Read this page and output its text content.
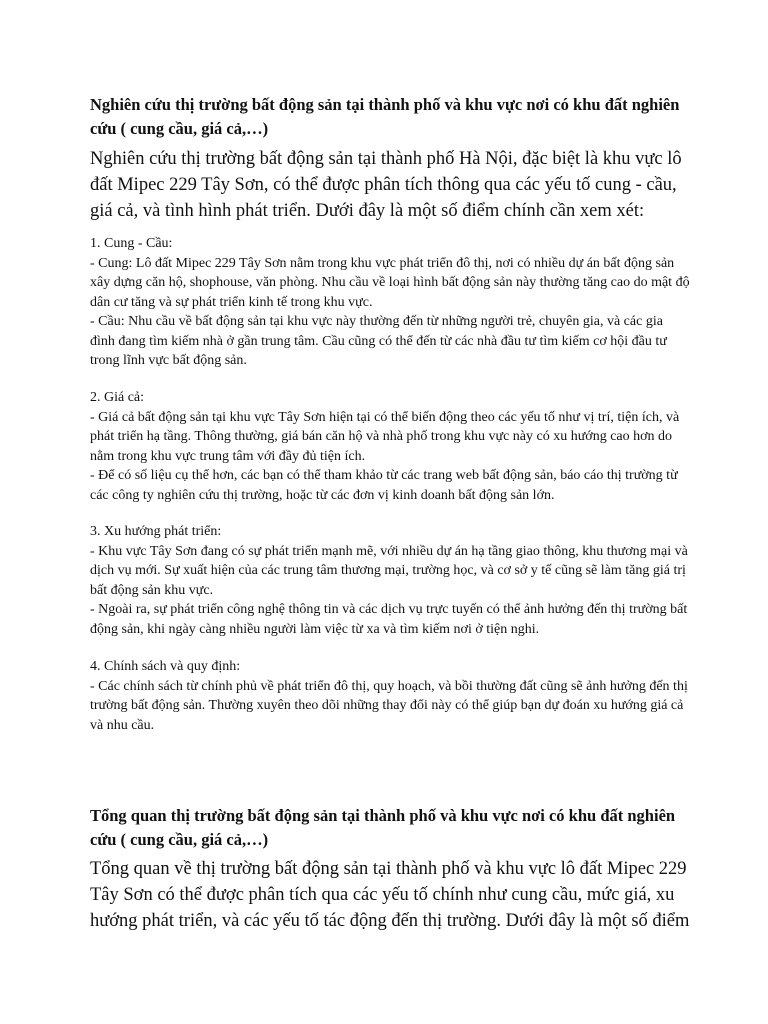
Nghiên cứu thị trường bất động sản tại thành phố và khu vực nơi có khu đất nghiên cứu ( cung cầu, giá cả,…)

Nghiên cứu thị trường bất động sản tại thành phố Hà Nội, đặc biệt là khu vực lô đất Mipec 229 Tây Sơn, có thể được phân tích thông qua các yếu tố cung - cầu, giá cả, và tình hình phát triển. Dưới đây là một số điểm chính cần xem xét:

1. Cung - Cầu:

- Cung: Lô đất Mipec 229 Tây Sơn nằm trong khu vực phát triển đô thị, nơi có nhiều dự án bất động sản xây dựng căn hộ, shophouse, văn phòng. Nhu cầu về loại hình bất động sản này thường tăng cao do mật độ dân cư tăng và sự phát triển kinh tế trong khu vực.

- Cầu: Nhu cầu về bất động sản tại khu vực này thường đến từ những người trẻ, chuyên gia, và các gia đình đang tìm kiếm nhà ở gần trung tâm. Cầu cũng có thể đến từ các nhà đầu tư tìm kiếm cơ hội đầu tư trong lĩnh vực bất động sản.

2. Giá cả:

- Giá cả bất động sản tại khu vực Tây Sơn hiện tại có thể biến động theo các yếu tố như vị trí, tiện ích, và phát triển hạ tầng. Thông thường, giá bán căn hộ và nhà phố trong khu vực này có xu hướng cao hơn do nằm trong khu vực trung tâm với đầy đủ tiện ích.

- Để có số liệu cụ thể hơn, các bạn có thể tham khảo từ các trang web bất động sản, báo cáo thị trường từ các công ty nghiên cứu thị trường, hoặc từ các đơn vị kinh doanh bất động sản lớn.

3. Xu hướng phát triển:

- Khu vực Tây Sơn đang có sự phát triển mạnh mẽ, với nhiều dự án hạ tầng giao thông, khu thương mại và dịch vụ mới. Sự xuất hiện của các trung tâm thương mại, trường học, và cơ sở y tế cũng sẽ làm tăng giá trị bất động sản khu vực.

- Ngoài ra, sự phát triển công nghệ thông tin và các dịch vụ trực tuyến có thể ảnh hưởng đến thị trường bất động sản, khi ngày càng nhiều người làm việc từ xa và tìm kiếm nơi ở tiện nghi.

4. Chính sách và quy định:

- Các chính sách từ chính phủ về phát triển đô thị, quy hoạch, và bồi thường đất cũng sẽ ảnh hưởng đến thị trường bất động sản. Thường xuyên theo dõi những thay đổi này có thể giúp bạn dự đoán xu hướng giá cả và nhu cầu.

Tổng quan thị trường bất động sản tại thành phố và khu vực nơi có khu đất nghiên cứu ( cung cầu, giá cả,…)

Tổng quan về thị trường bất động sản tại thành phố và khu vực lô đất Mipec 229 Tây Sơn có thể được phân tích qua các yếu tố chính như cung cầu, mức giá, xu hướng phát triển, và các yếu tố tác động đến thị trường. Dưới đây là một số điểm
